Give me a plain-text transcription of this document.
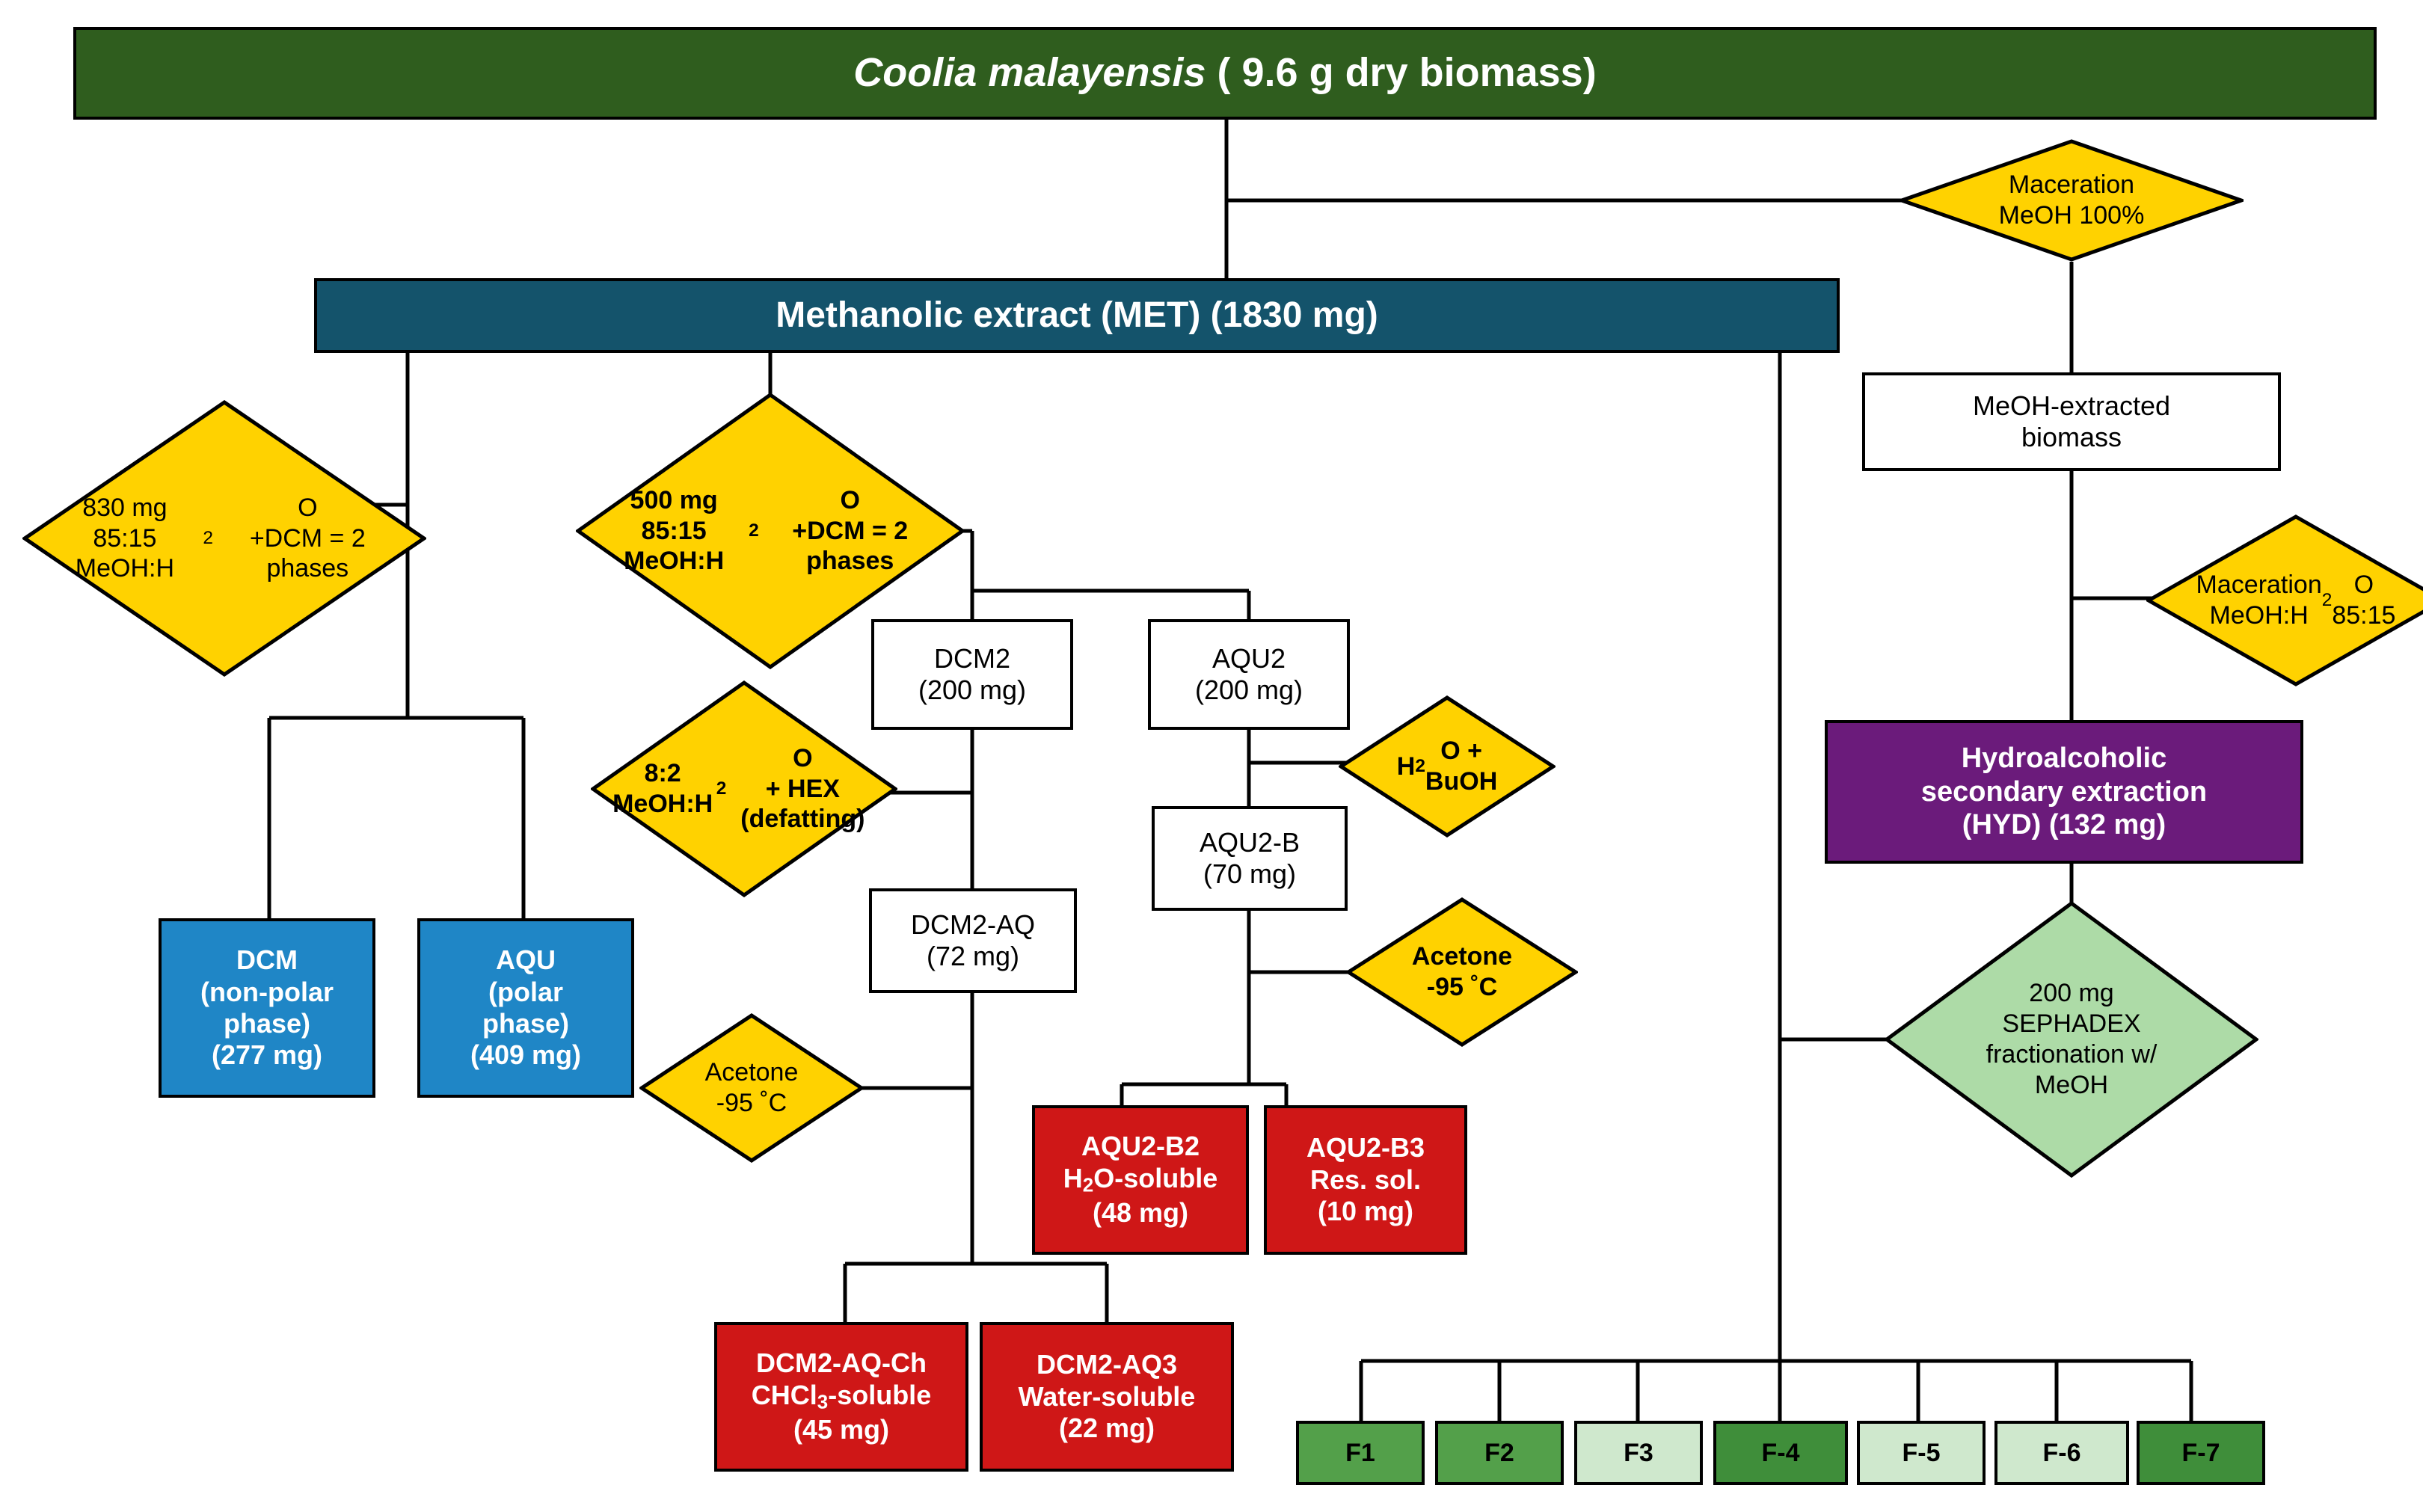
Coolia malayensis ( 9.6 g dry biomass)
Maceration
MeOH 100%
Methanolic extract (MET) (1830 mg)
MeOH-extracted
biomass
Maceration
MeOH:H
2
O
85:15
Hydroalcoholic
secondary extraction
(HYD) (132 mg)
200 mg
SEPHADEX
fractionation w/
MeOH
830 mg
85:15 MeOH:H
2
O
+DCM = 2 phases
500 mg
85:15 MeOH:H
2
O
+DCM = 2 phases
DCM2
(200 mg)
AQU2
(200 mg)
H 2
O +
BuOH
8:2 MeOH:H
2
O
+ HEX (defatting)
AQU2-B
(70 mg)
Acetone
-95 ˚C
DCM2-AQ
(72 mg)
Acetone
-95 ˚C
DCM
(non-polar
phase)
(277 mg)
AQU
(polar
phase)
(409 mg)
AQU2-B2
$H_2O$-soluble
(48 mg)
AQU2-B3
Res. sol.
(10 mg)
DCM2-AQ-Ch
CHCl$_3$-soluble
(45 mg)
DCM2-AQ3
Water-soluble
(22 mg)
F1	F2	F3	F-4	F-5	F-6	F-7
